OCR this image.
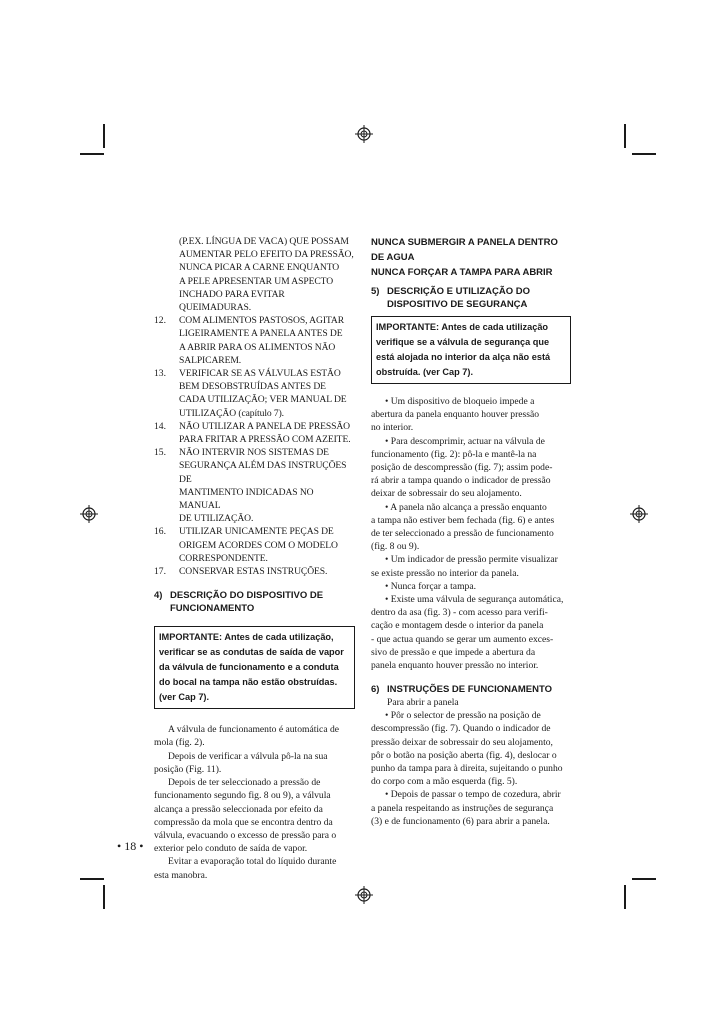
(P.EX. LÍNGUA DE VACA) QUE POSSAM
AUMENTAR PELO EFEITO DA PRESSÃO,
NUNCA PICAR A CARNE ENQUANTO
A PELE APRESENTAR UM ASPECTO
INCHADO PARA EVITAR QUEIMADURAS.
12. COM ALIMENTOS PASTOSOS, AGITAR
LIGEIRAMENTE A PANELA ANTES DE
A ABRIR PARA OS ALIMENTOS NÃO
SALPICAREM.
13. VERIFICAR SE AS VÁLVULAS ESTÃO
BEM DESOBSTRUÍDAS ANTES DE
CADA UTILIZAÇÃO; VER MANUAL DE
UTILIZAÇÃO (capítulo 7).
14. NÃO UTILIZAR A PANELA DE PRESSÃO
PARA FRITAR A PRESSÃO COM AZEITE.
15. NÃO INTERVIR NOS SISTEMAS DE
SEGURANÇA ALÉM DAS INSTRUÇÕES DE
MANTIMENTO INDICADAS NO MANUAL
DE UTILIZAÇÃO.
16. UTILIZAR UNICAMENTE PEÇAS DE
ORIGEM ACORDES COM O MODELO
CORRESPONDENTE.
17. CONSERVAR ESTAS INSTRUÇÕES.
4) DESCRIÇÃO DO DISPOSITIVO DE
FUNCIONAMENTO
IMPORTANTE: Antes de cada utilização,
verificar se as condutas de saída de vapor
da válvula de funcionamento e a conduta
do bocal na tampa não estão obstruídas.
(ver Cap 7).
A válvula de funcionamento é automática de
mola (fig. 2).
Depois de verificar a válvula pô-la na sua
posição (Fig. 11).
Depois de ter seleccionado a pressão de
funcionamento segundo fig. 8 ou 9), a válvula
alcança a pressão seleccionada por efeito da
compressão da mola que se encontra dentro da
válvula, evacuando o excesso de pressão para o
exterior pelo conduto de saída de vapor.
Evitar a evaporação total do líquido durante
esta manobra.
NUNCA SUBMERGIR A PANELA DENTRO
DE AGUA
NUNCA FORÇAR A TAMPA PARA ABRIR
5) DESCRIÇÃO E UTILIZAÇÃO DO
DISPOSITIVO DE SEGURANÇA
IMPORTANTE: Antes de cada utilização
verifique se a válvula de segurança que
está alojada no interior da alça não está
obstruída. (ver Cap 7).
• Um dispositivo de bloqueio impede a
abertura da panela enquanto houver pressão
no interior.
• Para descomprimir, actuar na válvula de
funcionamento (fig. 2): pô-la e mantê-la na
posição de descompressão (fig. 7); assim pode-
rá abrir a tampa quando o indicador de pressão
deixar de sobressair do seu alojamento.
• A panela não alcança a pressão enquanto
a tampa não estiver bem fechada (fig. 6) e antes
de ter seleccionado a pressão de funcionamento
(fig. 8 ou 9).
• Um indicador de pressão permite visualizar
se existe pressão no interior da panela.
• Nunca forçar a tampa.
• Existe uma válvula de segurança automática,
dentro da asa (fig. 3) - com acesso para verifi-
cação e montagem desde o interior da panela
- que actua quando se gerar um aumento exces-
sivo de pressão e que impede a abertura da
panela enquanto houver pressão no interior.
6) INSTRUÇÕES DE FUNCIONAMENTO
Para abrir a panela
• Pôr o selector de pressão na posição de
descompressão (fig. 7). Quando o indicador de
pressão deixar de sobressair do seu alojamento,
pôr o botão na posição aberta (fig. 4), deslocar o
punho da tampa para à direita, sujeitando o punho
do corpo com a mão esquerda (fig. 5).
• Depois de passar o tempo de cozedura, abrir
a panela respeitando as instruções de segurança
(3) e de funcionamento (6) para abrir a panela.
• 18 •
